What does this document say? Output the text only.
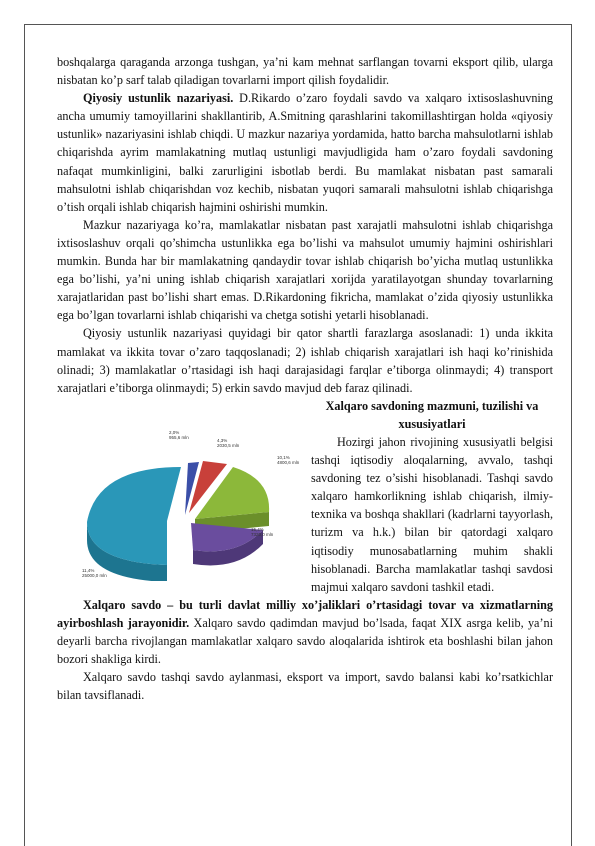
boshqalarga qaraganda arzonga tushgan, ya’ni kam mehnat sarflangan tovarni eksport qilib, ularga nisbatan ko’p sarf talab qiladigan tovarlarni import qilish foydalidir.

Qiyosiy ustunlik nazariyasi. D.Rikardo o’zaro foydali savdo va xalqaro ixtisoslashuvning ancha umumiy tamoyillarini shakllantirib, A.Smitning qarashlarini takomillashtirgan holda «qiyosiy ustunlik» nazariyasini ishlab chiqdi. U mazkur nazariya yordamida, hatto barcha mahsulotlarni ishlab chiqarishda ayrim mamlakatning mutlaq ustunligi mavjudligida ham o’zaro foydali savdoning nafaqat mumkinligini, balki zarurligini isbotlab berdi. Bu mamlakat nisbatan past samarali mahsulotni ishlab chiqarishdan voz kechib, nisbatan yuqori samarali mahsulotni ishlab chiqarishga o’tish orqali ishlab chiqarish hajmini oshirishi mumkin.

Mazkur nazariyaga ko’ra, mamlakatlar nisbatan past xarajatli mahsulotni ishlab chiqarishga ixtisoslashuv orqali qo’shimcha ustunlikka ega bo’lishi va mahsulot umumiy hajmini oshirishlari mumkin. Bunda har bir mamlakatning qandaydir tovar ishlab chiqarish bo’yicha mutlaq ustunlikka ega bo’lishi, ya’ni uning ishlab chiqarish xarajatlari xorijda yaratilayotgan shunday tovarlarning xarajatlaridan past bo’lishi shart emas. D.Rikardoning fikricha, mamlakat o’zida qiyosiy ustunlikka ega bo’lgan tovarlarni ishlab chiqarishi va chetga sotishi yetarli hisoblanadi.

Qiyosiy ustunlik nazariyasi quyidagi bir qator shartli farazlarga asoslanadi: 1) unda ikkita mamlakat va ikkita tovar o’zaro taqqoslanadi; 2) ishlab chiqarish xarajatlari ish haqi ko’rinishida olinadi; 3) mamlakatlar o’rtasidagi ish haqi darajasidagi farqlar e’tiborga olinmaydi; 4) transport xarajatlari e’tiborga olinmaydi; 5) erkin savdo mavjud deb faraz qilinadi.

2,0%
955,6 mln
4,3%
2030,5 mln
10,1%
4800,6 mln
15,4%
7320,0 mln
11,4%
25000,0 mln

Xalqaro savdoning mazmuni, tuzilishi va xususiyatlari

Hozirgi jahon rivojining xususiyatli belgisi tashqi iqtisodiy aloqalarning, avvalo, tashqi savdoning tez o’sishi hisoblanadi. Tashqi savdo xalqaro hamkorlikning ishlab chiqarish, ilmiy-texnika va boshqa shakllari (kadrlarni tayyorlash, turizm va h.k.) bilan bir qatordagi xalqaro iqtisodiy munosabatlarning muhim shakli hisoblanadi. Barcha mamlakatlar tashqi savdosi majmui xalqaro savdoni tashkil etadi.

Xalqaro savdo – bu turli davlat milliy xo’jaliklari o’rtasidagi tovar va xizmatlarning ayirboshlash jarayonidir. Xalqaro savdo qadimdan mavjud bo’lsada, faqat XIX asrga kelib, ya’ni deyarli barcha rivojlangan mamlakatlar xalqaro savdo aloqalarida ishtirok eta boshlashi bilan jahon bozori shakliga kirdi.

Xalqaro savdo tashqi savdo aylanmasi, eksport va import, savdo balansi kabi ko’rsatkichlar bilan tavsiflanadi.
